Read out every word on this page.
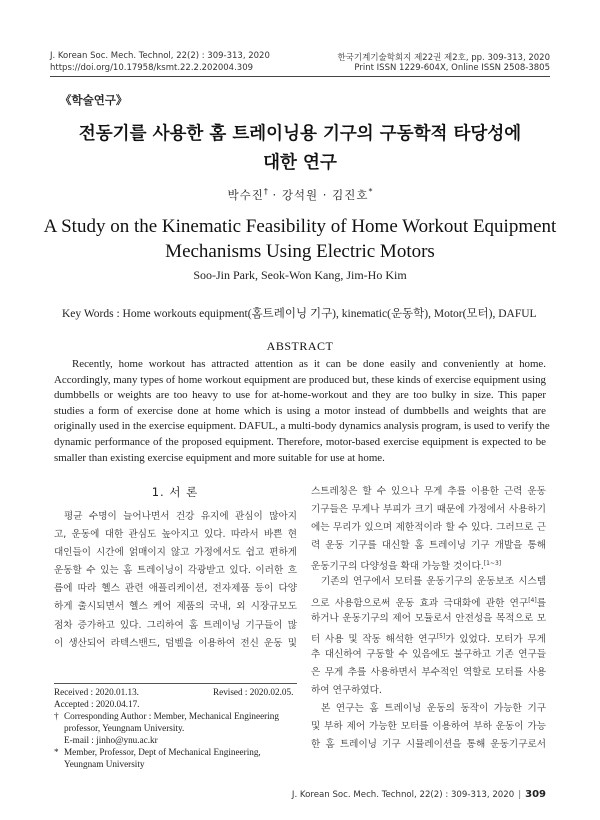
J. Korean Soc. Mech. Technol, 22(2) : 309-313, 2020
https://doi.org/10.17958/ksmt.22.2.202004.309
한국기계기술학회지 제22권 제2호, pp. 309-313, 2020
Print ISSN 1229-604X, Online ISSN 2508-3805
《학술연구》
전동기를 사용한 홈 트레이닝용 기구의 구동학적 타당성에
대한 연구
박수진† · 강석원 · 김진호*
A Study on the Kinematic Feasibility of Home Workout Equipment
Mechanisms Using Electric Motors
Soo-Jin Park, Seok-Won Kang, Jim-Ho Kim
Key Words : Home workouts equipment(홈트레이닝 기구), kinematic(운동학), Motor(모터), DAFUL
ABSTRACT
Recently, home workout has attracted attention as it can be done easily and conveniently at home.
Accordingly, many types of home workout equipment are produced but, these kinds of exercise equipment using
dumbbells or weights are too heavy to use for at-home-workout and they are too bulky in size. This paper
studies a form of exercise done at home which is using a motor instead of dumbbells and weights that are
originally used in the exercise equipment. DAFUL, a multi-body dynamics analysis program, is used to verify the
dynamic performance of the proposed equipment. Therefore, motor-based exercise equipment is expected to be
smaller than existing exercise equipment and more suitable for use at home.
1. 서 론
평균 수명이 늘어나면서 건강 유지에 관심이 많아지
고, 운동에 대한 관심도 높아지고 있다. 따라서 바쁜 현
대인들이 시간에 얽매이지 않고 가정에서도 쉽고 편하게
운동할 수 있는 홈 트레이닝이 각광받고 있다. 이러한 흐
름에 따라 헬스 관련 애플리케이션, 전자제품 등이 다양
하게 출시되면서 헬스 케어 제품의 국내, 외 시장규모도
점차 증가하고 있다. 그리하여 홈 트레이닝 기구들이 많
이 생산되어 라텍스밴드, 덤벨을 이용하여 전신 운동 및
스트레칭은 할 수 있으나 무게 추를 이용한 근력 운동
기구들은 무게나 부피가 크기 때문에 가정에서 사용하기
에는 무리가 있으며 제한적이라 할 수 있다. 그러므로 근
력 운동 기구를 대신할 홈 트레이닝 기구 개발을 통해
운동기구의 다양성을 확대 가능할 것이다.[1~3]
기존의 연구에서 모터를 운동기구의 운동보조 시스템
으로 사용함으로써 운동 효과 극대화에 관한 연구[4]를
하거나 운동기구의 제어 모듈로서 안전성을 목적으로 모
터 사용 및 작동 해석한 연구[5]가 있었다. 모터가 무게
추 대신하여 구동할 수 있음에도 불구하고 기존 연구들
은 무게 추를 사용하면서 부수적인 역할로 모터를 사용
하여 연구하였다.
본 연구는 홈 트레이닝 운동의 동작이 가능한 기구
및 부하 제어 가능한 모터를 이용하여 부하 운동이 가능
한 홈 트레이닝 기구 시뮬레이션을 통해 운동기구로서
Received : 2020.01.13.	Revised : 2020.02.05.
Accepted : 2020.04.17.
† Corresponding Author : Member, Mechanical Engineering professor, Yeungnam University.
E-mail : jinho@ynu.ac.kr
* Member, Professor, Dept of Mechanical Engineering, Yeungnam University
J. Korean Soc. Mech. Technol, 22(2) : 309-313, 2020 | 309
